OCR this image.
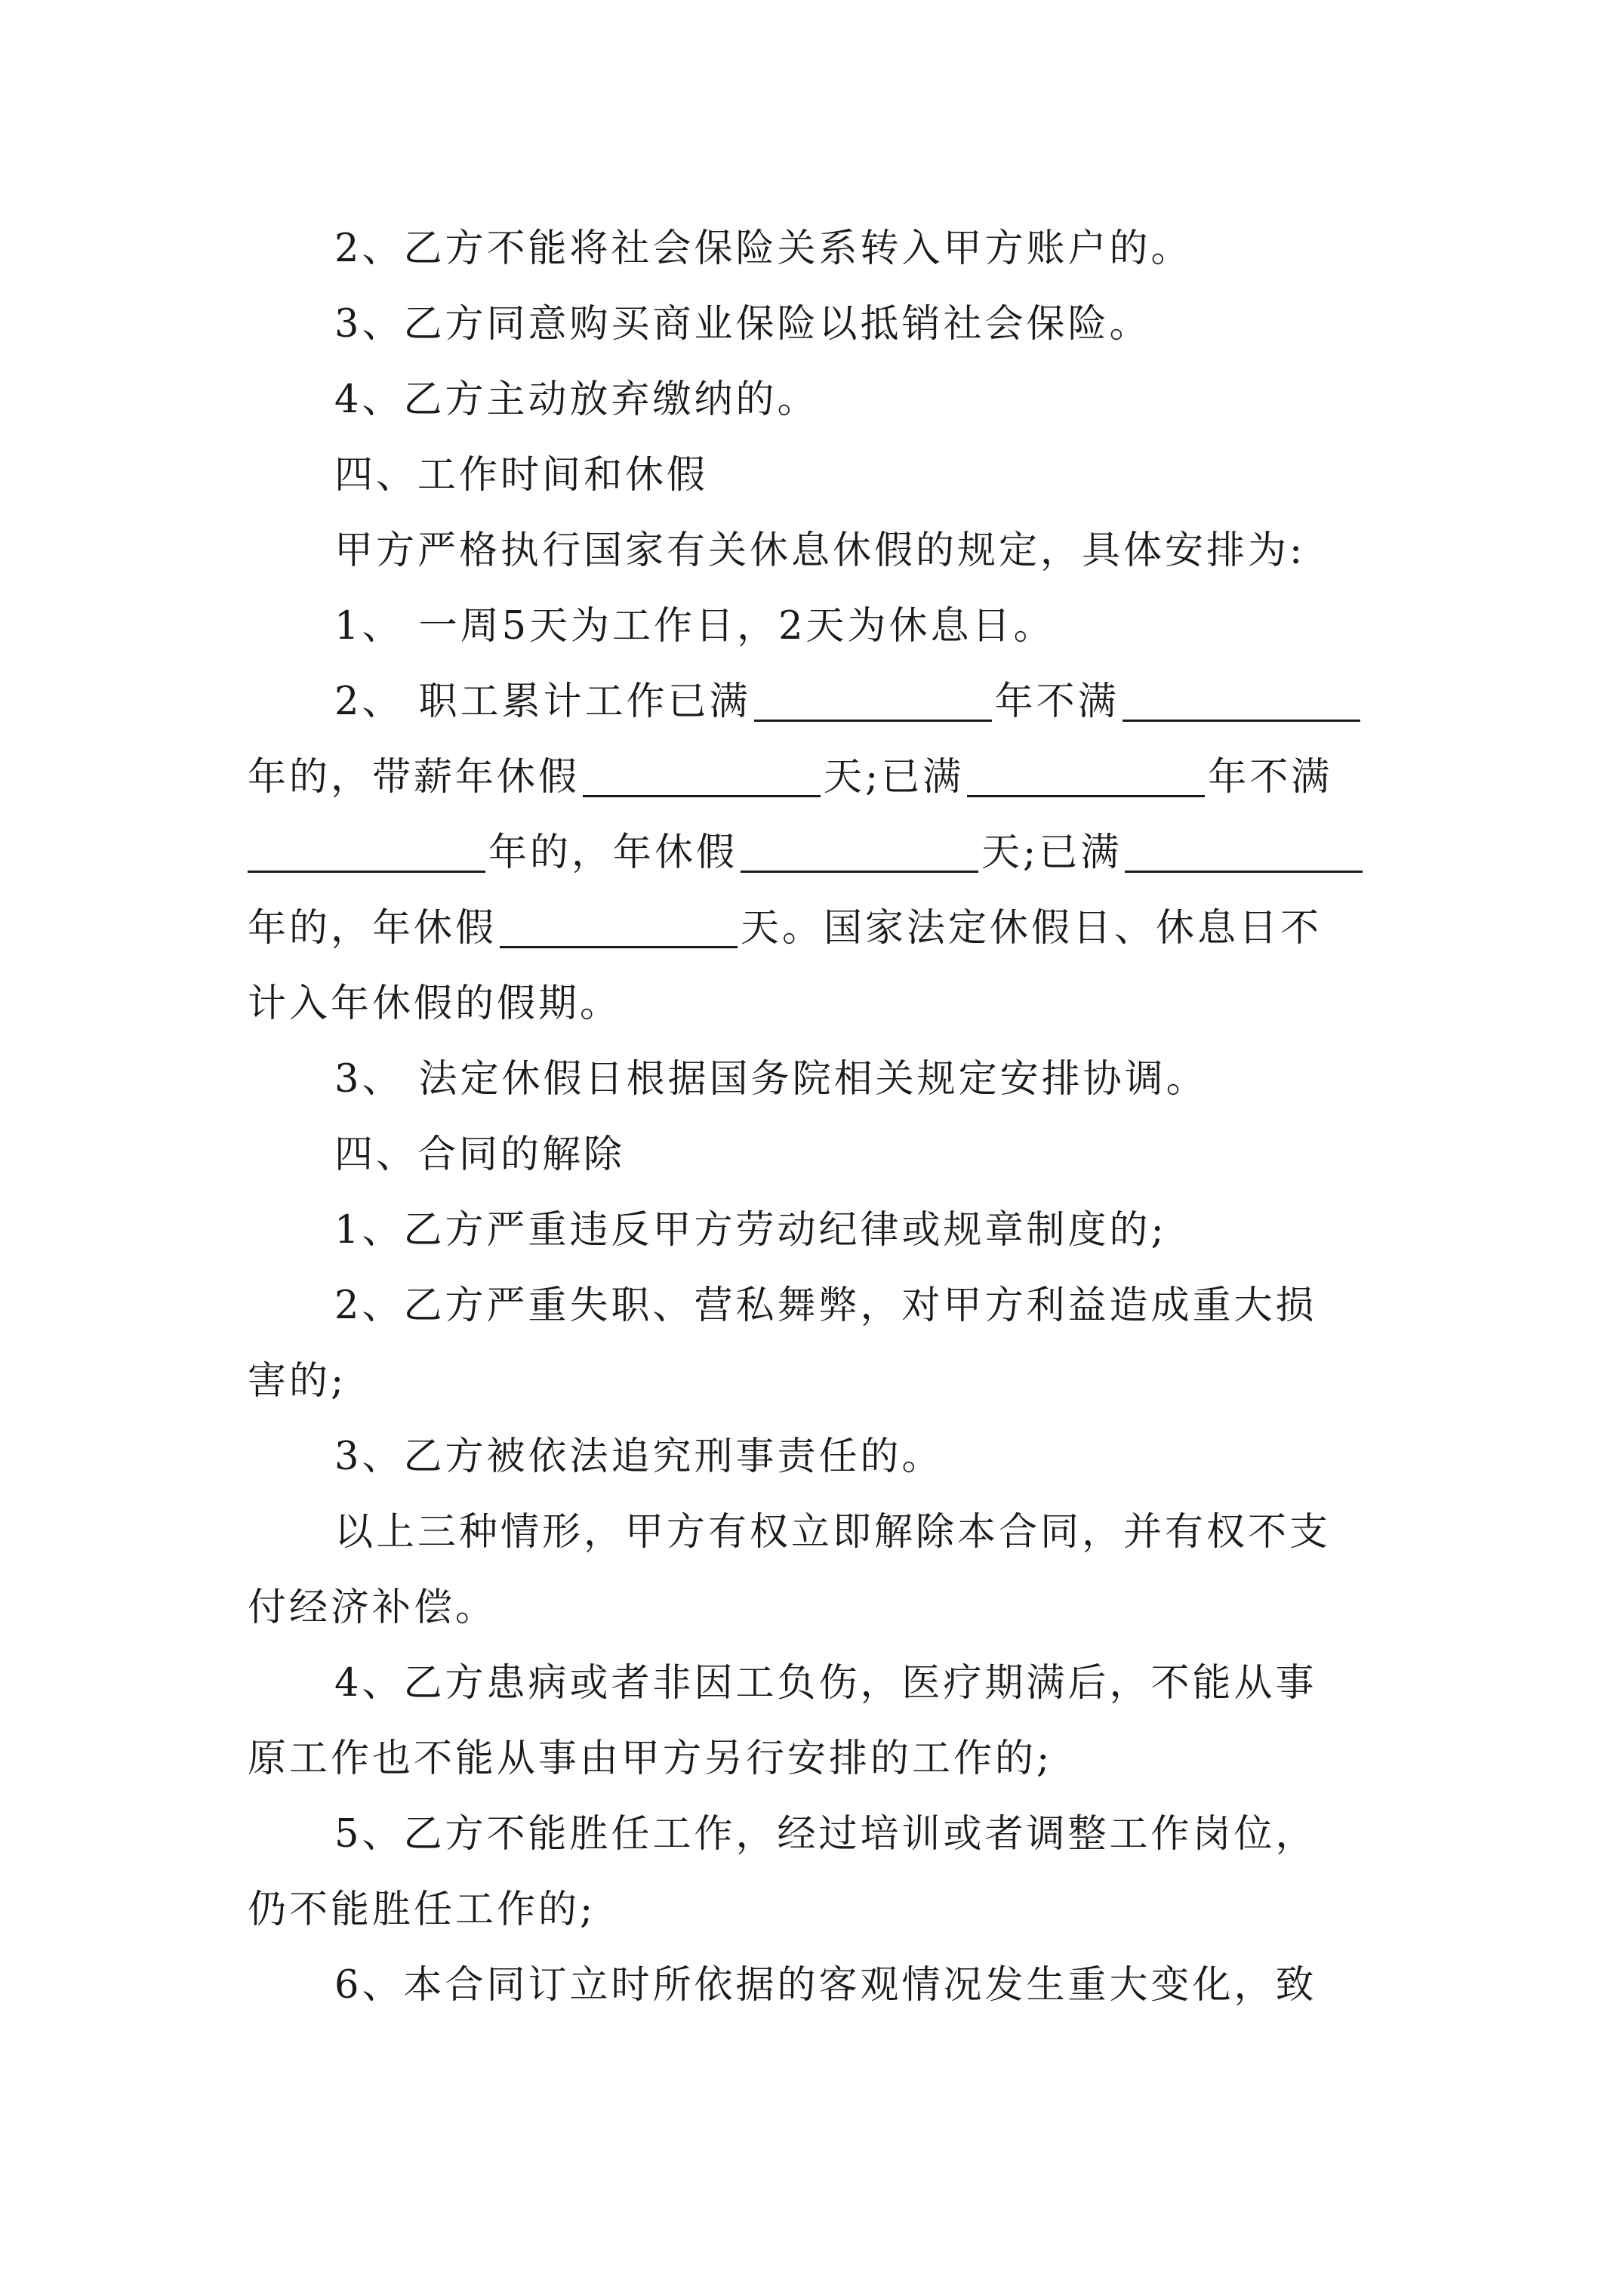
2、乙方不能将社会保险关系转入甲方账户的。
3、乙方同意购买商业保险以抵销社会保险。
4、乙方主动放弃缴纳的。
四、工作时间和休假
甲方严格执行国家有关休息休假的规定，具体安排为:
1、 一周5天为工作日，2天为休息日。
2、 职工累计工作已满	年不满
年的，带薪年休假	天;已满	年不满
年的，年休假	天;已满
年的，年休假	天。国家法定休假日、休息日不
计入年休假的假期。
3、 法定休假日根据国务院相关规定安排协调。
四、合同的解除
1、乙方严重违反甲方劳动纪律或规章制度的;
2、乙方严重失职、营私舞弊，对甲方利益造成重大损
害的;
3、乙方被依法追究刑事责任的。
以上三种情形，甲方有权立即解除本合同，并有权不支
付经济补偿。
4、乙方患病或者非因工负伤，医疗期满后，不能从事
原工作也不能从事由甲方另行安排的工作的;
5、乙方不能胜任工作，经过培训或者调整工作岗位，
仍不能胜任工作的;
6、本合同订立时所依据的客观情况发生重大变化，致
